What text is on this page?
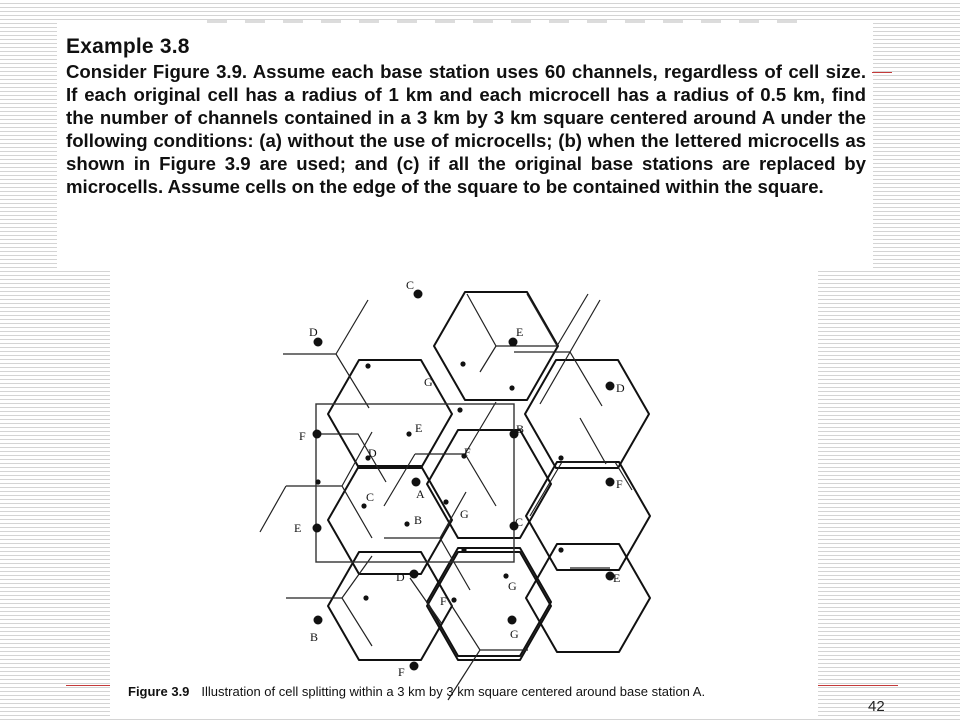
Example 3.8

Consider Figure 3.9. Assume each base station uses 60 channels, regardless of cell size. If each original cell has a radius of 1 km and each microcell has a radius of 0.5 km, find the number of channels contained in a 3 km by 3 km square centered around A under the following conditions: (a) without the use of microcells; (b) when the lettered microcells as shown in Figure 3.9 are used; and (c) if all the original base stations are replaced by microcells. Assume cells on the edge of the square to be contained within the square.

C
D	E
D
G
F
E	B
D	F
F
A
C
G
E
B	C
D
G
E
F
G
B
F

Figure 3.9 Illustration of cell splitting within a 3 km by 3 km square centered around base station A.

42
